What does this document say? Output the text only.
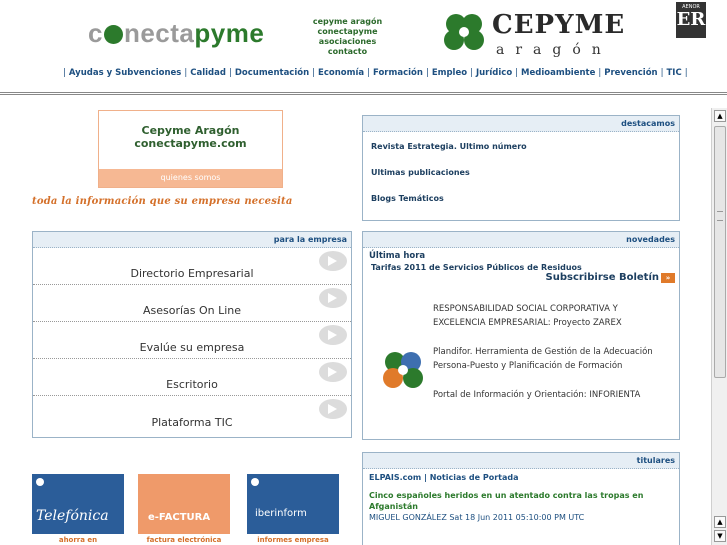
c nectapyme	cepyme aragón
conectapyme
asociaciones
contacto
CEPYME
aragón
AENOR
ER
| Ayudas y Subvenciones | Calidad | Documentación | Economía | Formación | Empleo | Jurídico | Medioambiente | Prevención | TIC |
Cepyme Aragón
conectapyme.com
quienes somos
toda la información que su empresa necesita
para la empresa
Directorio Empresarial
Asesorías On Line
Evalúe su empresa
Escritorio
Plataforma TIC
Telefónica	e-FACTURA	iberinform
ahorra en	factura electrónica	informes empresa
destacamos
Revista Estrategia. Ultimo número
Ultimas publicaciones
Blogs Temáticos
novedades
Última hora
Tarifas 2011 de Servicios Públicos de Residuos
Subscribirse Boletín »
RESPONSABILIDAD SOCIAL CORPORATIVA Y EXCELENCIA EMPRESARIAL: Proyecto ZAREX
Plandifor. Herramienta de Gestión de la Adecuación Persona-Puesto y Planificación de Formación
Portal de Información y Orientación: INFORIENTA
titulares
ELPAIS.com | Noticias de Portada
Cinco españoles heridos en un atentado contra las tropas en Afganistán
MIGUEL GONZÁLEZ Sat 18 Jun 2011 05:10:00 PM UTC
▲
▲
▼
